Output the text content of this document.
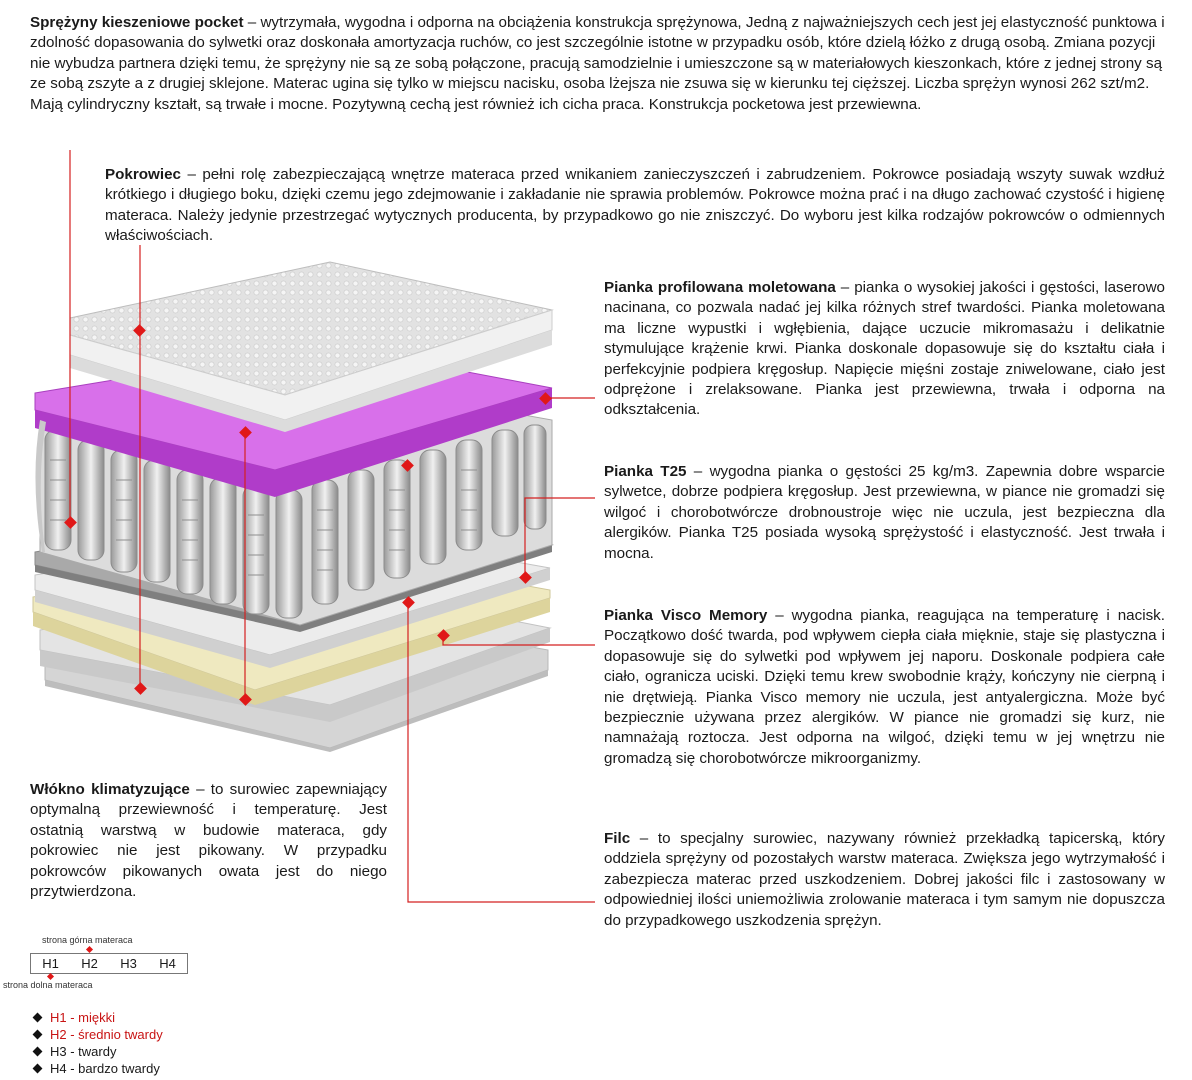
Sprężyny kieszeniowe pocket – wytrzymała, wygodna i odporna na obciążenia konstrukcja sprężynowa, Jedną z najważniejszych cech jest jej elastyczność punktowa i zdolność dopasowania do sylwetki oraz doskonała amortyzacja ruchów, co jest szczególnie istotne w przypadku osób, które dzielą łóżko z drugą osobą. Zmiana pozycji nie wybudza partnera dzięki temu, że sprężyny nie są ze sobą połączone, pracują samodzielnie i umieszczone są w materiałowych kieszonkach, które z jednej strony są ze sobą zszyte a z drugiej sklejone. Materac ugina się tylko w miejscu nacisku, osoba lżejsza nie zsuwa się w kierunku tej cięższej. Liczba sprężyn wynosi 262 szt/m2. Mają cylindryczny kształt, są trwałe i mocne. Pozytywną cechą jest również ich cicha praca. Konstrukcja pocketowa jest przewiewna.

Pokrowiec – pełni rolę zabezpieczającą wnętrze materaca przed wnikaniem zanieczyszczeń i zabrudzeniem. Pokrowce posiadają wszyty suwak wzdłuż krótkiego i długiego boku, dzięki czemu jego zdejmowanie i zakładanie nie sprawia problemów. Pokrowce można prać i na długo zachować czystość i higienę materaca. Należy jedynie przestrzegać wytycznych producenta, by przypadkowo go nie zniszczyć. Do wyboru jest kilka rodzajów pokrowców o odmiennych właściwościach.

Pianka profilowana moletowana – pianka o wysokiej jakości i gęstości, laserowo nacinana, co pozwala nadać jej kilka różnych stref twardości. Pianka moletowana ma liczne wypustki i wgłębienia, dające uczucie mikromasażu i delikatnie stymulujące krążenie krwi. Pianka doskonale dopasowuje się do kształtu ciała i perfekcyjnie podpiera kręgosłup. Napięcie mięśni zostaje zniwelowane, ciało jest odprężone i zrelaksowane. Pianka jest przewiewna, trwała i odporna na odkształcenia.

Pianka T25 – wygodna pianka o gęstości 25 kg/m3. Zapewnia dobre wsparcie sylwetce, dobrze podpiera kręgosłup. Jest przewiewna, w piance nie gromadzi się wilgoć i chorobotwórcze drobnoustroje więc nie uczula, jest bezpieczna dla alergików. Pianka T25 posiada wysoką sprężystość i elastyczność. Jest trwała i mocna.

Pianka Visco Memory – wygodna pianka, reagująca na temperaturę i nacisk. Początkowo dość twarda, pod wpływem ciepła ciała mięknie, staje się plastyczna i dopasowuje się do sylwetki pod wpływem jej naporu. Doskonale podpiera całe ciało, ogranicza uciski. Dzięki temu krew swobodnie krąży, kończyny nie cierpną i nie drętwieją. Pianka Visco memory nie uczula, jest antyalergiczna. Może być bezpiecznie używana przez alergików. W piance nie gromadzi się kurz, nie namnażają roztocza. Jest odporna na wilgoć, dzięki temu w jej wnętrzu nie gromadzą się chorobotwórcze mikroorganizmy.

Filc – to specjalny surowiec, nazywany również przekładką tapicerską, który oddziela sprężyny od pozostałych warstw materaca. Zwiększa jego wytrzymałość i zabezpiecza materac przed uszkodzeniem. Dobrej jakości filc i zastosowany w odpowiedniej ilości uniemożliwia zrolowanie materaca i tym samym nie dopuszcza do przypadkowego uszkodzenia sprężyn.

Włókno klimatyzujące – to surowiec zapewniający optymalną przewiewność i temperaturę. Jest ostatnią warstwą w budowie materaca, gdy pokrowiec nie jest pikowany. W przypadku pokrowców pikowanych owata jest do niego przytwierdzona.

strona górna materaca
H1	H2	H3	H4
strona dolna materaca
H1 - miękki
H2 - średnio twardy
H3 - twardy
H4 - bardzo twardy
